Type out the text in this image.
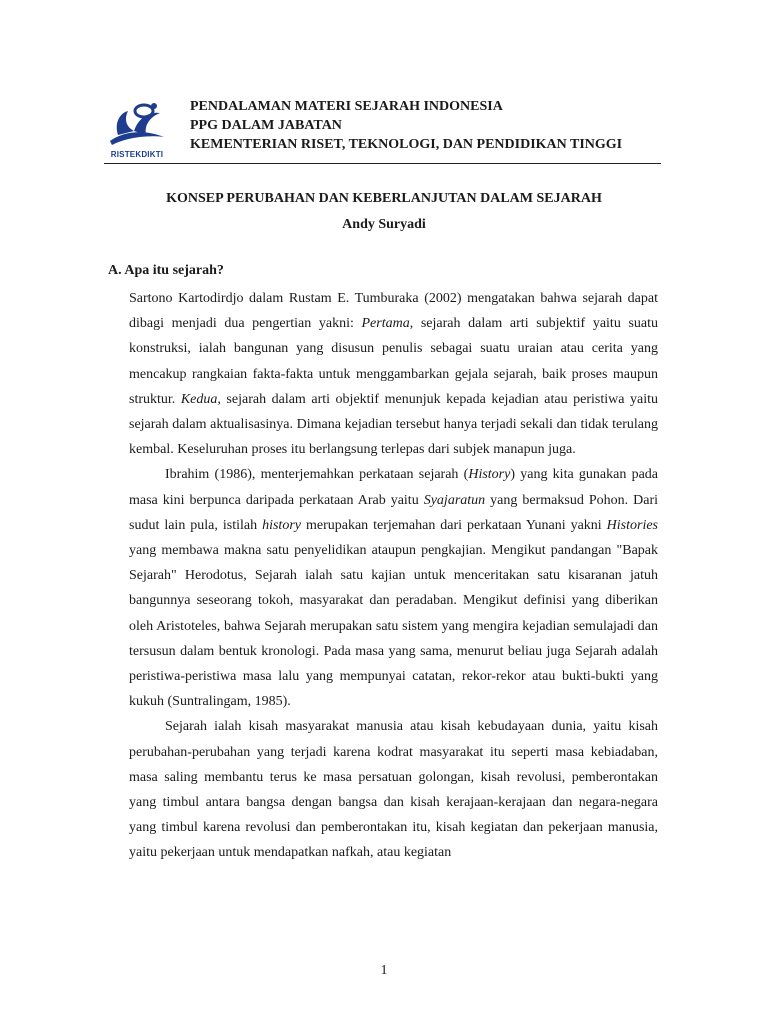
RISTEKDIKTI
PENDALAMAN MATERI SEJARAH INDONESIA
PPG DALAM JABATAN
KEMENTERIAN RISET, TEKNOLOGI, DAN PENDIDIKAN TINGGI
KONSEP PERUBAHAN DAN KEBERLANJUTAN DALAM SEJARAH
Andy Suryadi
A. Apa itu sejarah?

Sartono Kartodirdjo dalam Rustam E. Tumburaka (2002) mengatakan bahwa sejarah dapat dibagi menjadi dua pengertian yakni: Pertama, sejarah dalam arti subjektif yaitu suatu konstruksi, ialah bangunan yang disusun penulis sebagai suatu uraian atau cerita yang mencakup rangkaian fakta-fakta untuk menggambarkan gejala sejarah, baik proses maupun struktur. Kedua, sejarah dalam arti objektif menunjuk kepada kejadian atau peristiwa yaitu sejarah dalam aktualisasinya. Dimana kejadian tersebut hanya terjadi sekali dan tidak terulang kembal. Keseluruhan proses itu berlangsung terlepas dari subjek manapun juga.

Ibrahim (1986), menterjemahkan perkataan sejarah (History) yang kita gunakan pada masa kini berpunca daripada perkataan Arab yaitu Syajaratun yang bermaksud Pohon. Dari sudut lain pula, istilah history merupakan terjemahan dari perkataan Yunani yakni Histories yang membawa makna satu penyelidikan ataupun pengkajian. Mengikut pandangan "Bapak Sejarah" Herodotus, Sejarah ialah satu kajian untuk menceritakan satu kisaranan jatuh bangunnya seseorang tokoh, masyarakat dan peradaban. Mengikut definisi yang diberikan oleh Aristoteles, bahwa Sejarah merupakan satu sistem yang mengira kejadian semulajadi dan tersusun dalam bentuk kronologi. Pada masa yang sama, menurut beliau juga Sejarah adalah peristiwa-peristiwa masa lalu yang mempunyai catatan, rekor-rekor atau bukti-bukti yang kukuh (Suntralingam, 1985).

Sejarah ialah kisah masyarakat manusia atau kisah kebudayaan dunia, yaitu kisah perubahan-perubahan yang terjadi karena kodrat masyarakat itu seperti masa kebiadaban, masa saling membantu terus ke masa persatuan golongan, kisah revolusi, pemberontakan yang timbul antara bangsa dengan bangsa dan kisah kerajaan-kerajaan dan negara-negara yang timbul karena revolusi dan pemberontakan itu, kisah kegiatan dan pekerjaan manusia, yaitu pekerjaan untuk mendapatkan nafkah, atau kegiatan

1
